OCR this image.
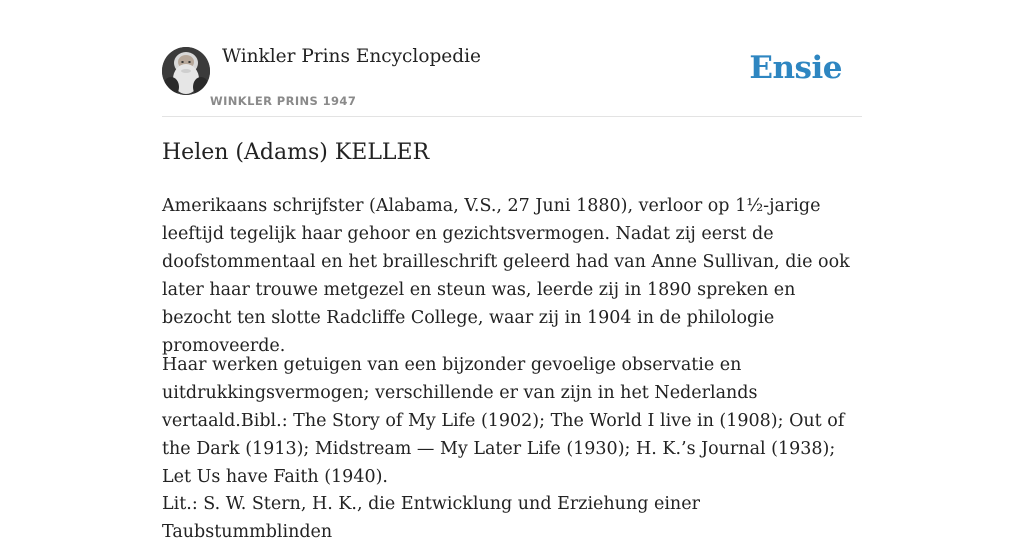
Winkler Prins Encyclopedie
WINKLER PRINS 1947
Ensie
Helen (Adams) KELLER

Amerikaans schrijfster (Alabama, V.S., 27 Juni 1880), verloor op 1½-jarige leeftijd tegelijk haar gehoor en gezichtsvermogen. Nadat zij eerst de doofstommentaal en het brailleschrift geleerd had van Anne Sullivan, die ook later haar trouwe metgezel en steun was, leerde zij in 1890 spreken en bezocht ten slotte Radcliffe College, waar zij in 1904 in de philologie promoveerde.

Haar werken getuigen van een bijzonder gevoelige observatie en uitdrukkingsvermogen; verschillende er van zijn in het Nederlands vertaald.Bibl.: The Story of My Life (1902); The World I live in (1908); Out of the Dark (1913); Midstream — My Later Life (1930); H. K.’s Journal (1938); Let Us have Faith (1940).

Lit.: S. W. Stern, H. K., die Entwicklung und Erziehung einer Taubstummblinden
